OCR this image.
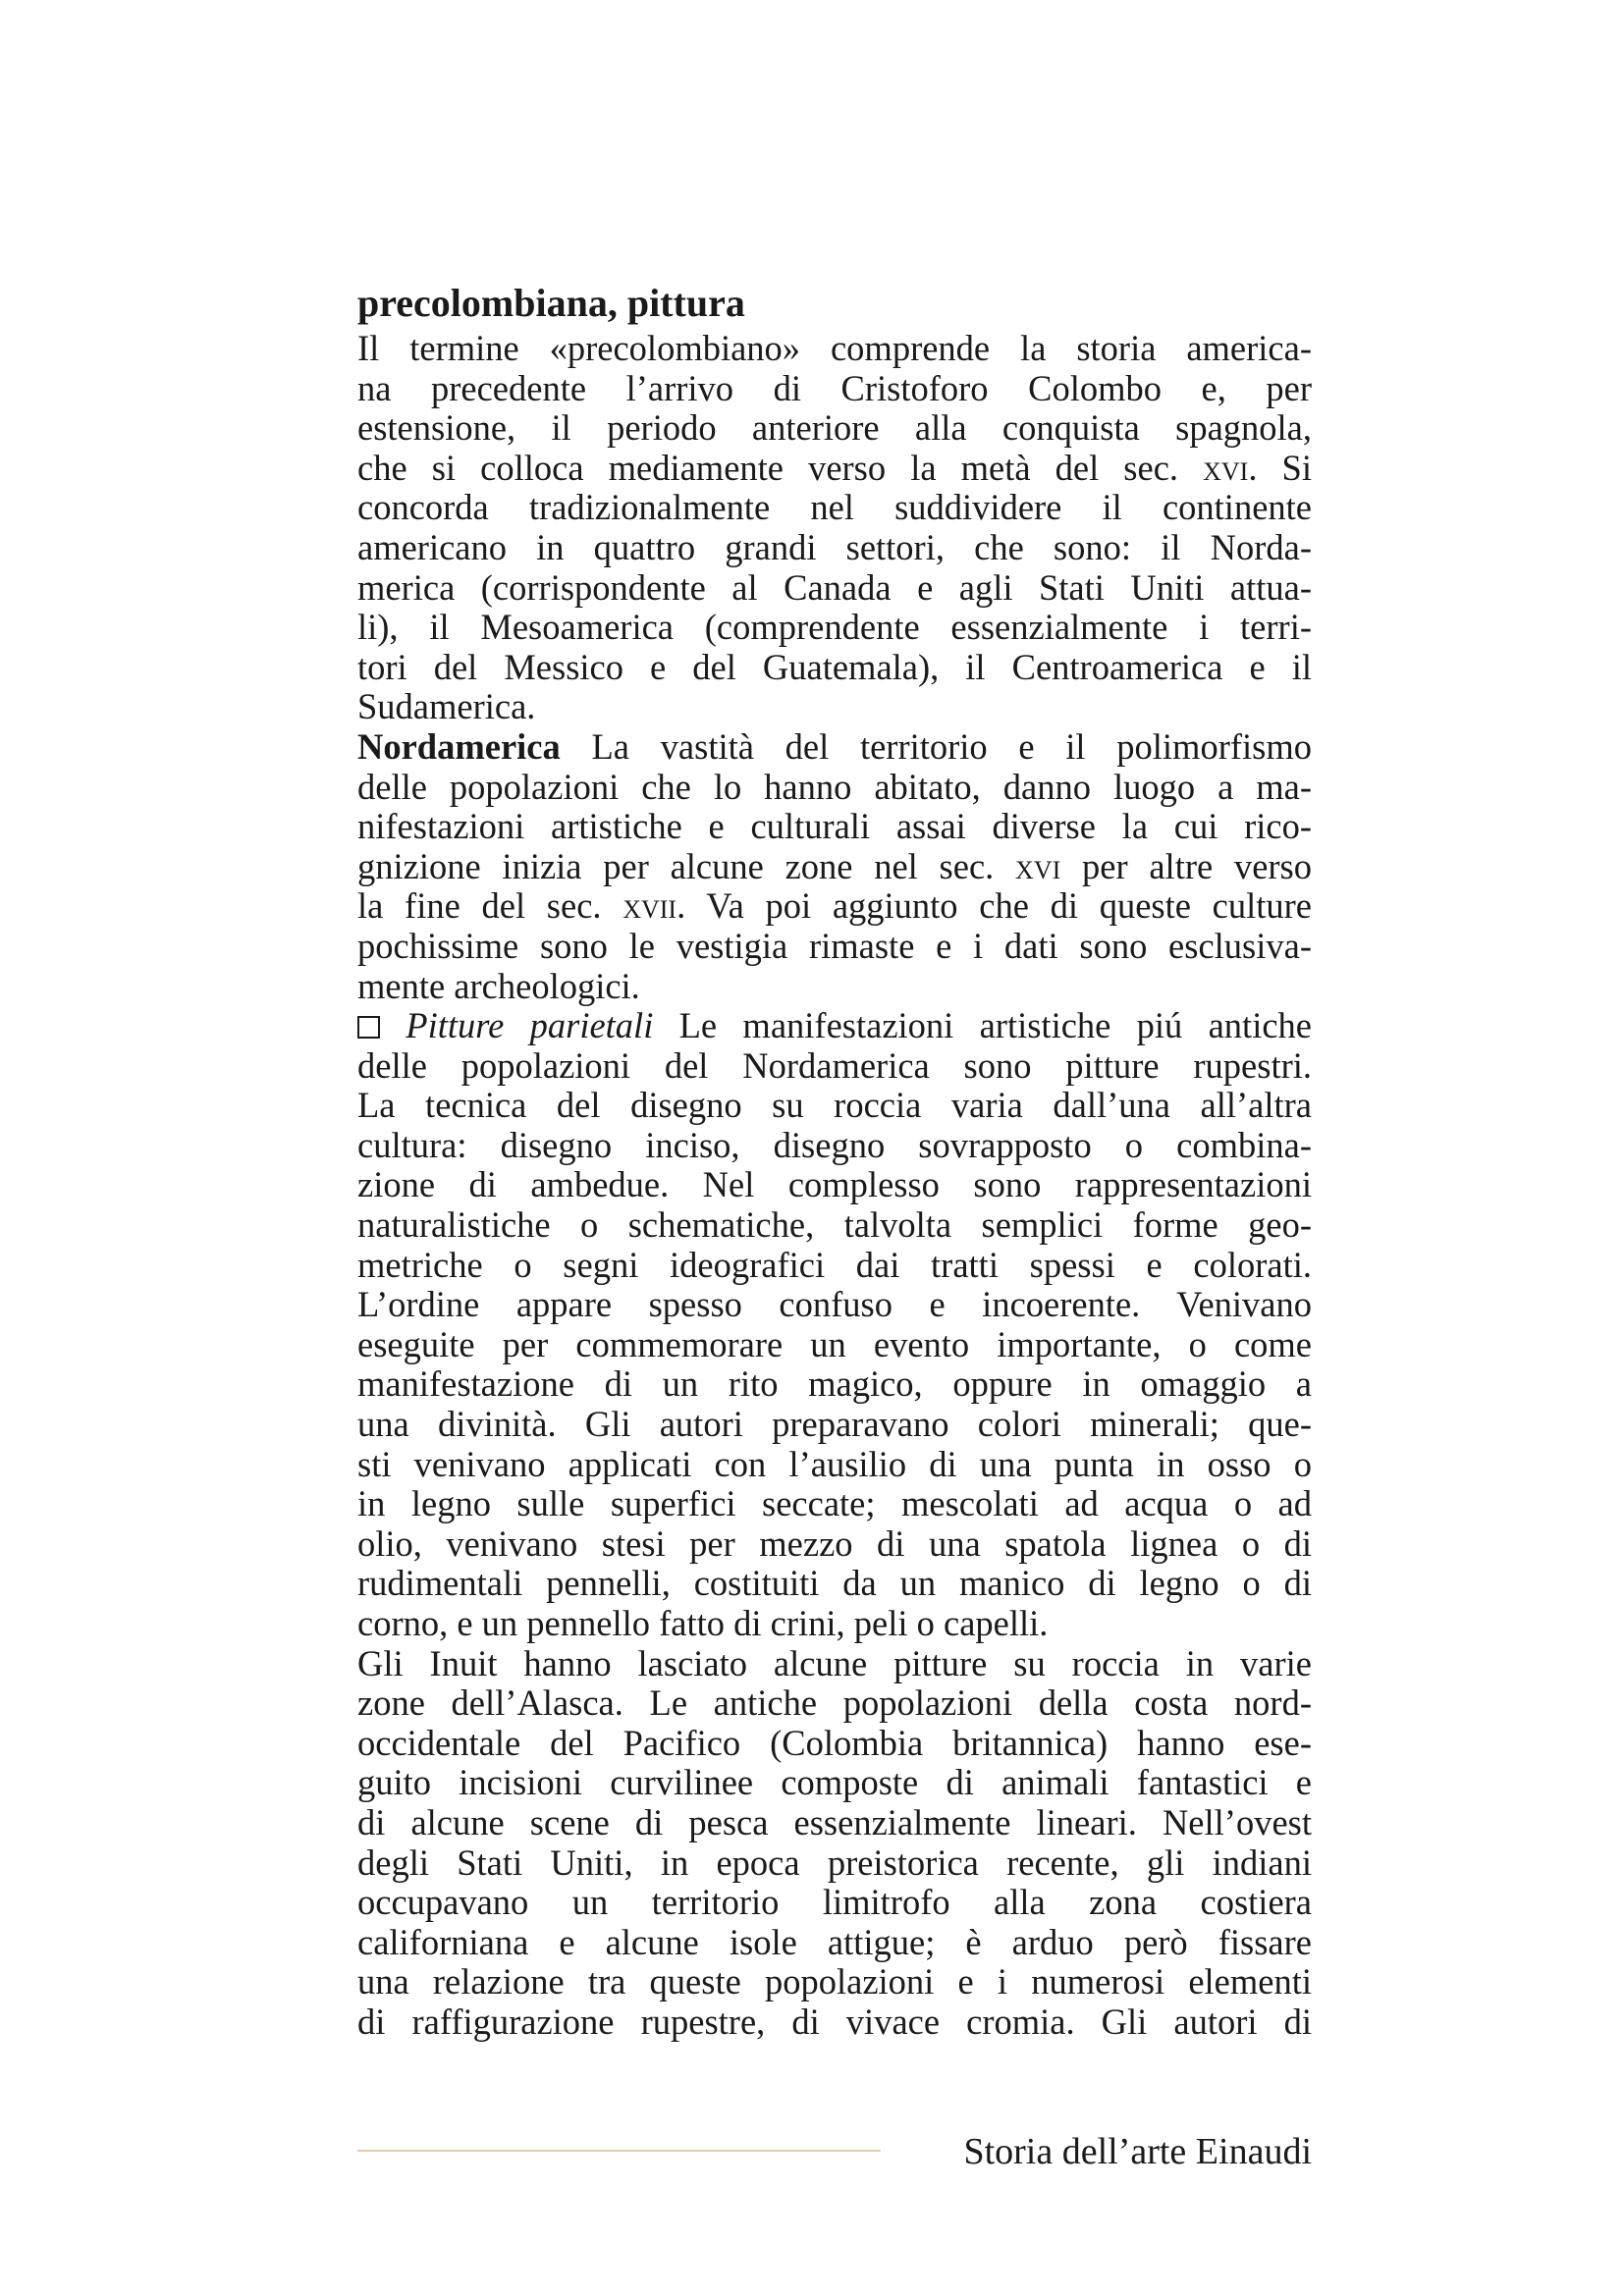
precolombiana, pittura
Il termine «precolombiano» comprende la storia america-
na precedente l’arrivo di Cristoforo Colombo e, per
estensione, il periodo anteriore alla conquista spagnola,
che si colloca mediamente verso la metà del sec. xvi. Si
concorda tradizionalmente nel suddividere il continente
americano in quattro grandi settori, che sono: il Norda-
merica (corrispondente al Canada e agli Stati Uniti attua-
li), il Mesoamerica (comprendente essenzialmente i terri-
tori del Messico e del Guatemala), il Centroamerica e il
Sudamerica.
Nordamerica La vastità del territorio e il polimorfismo
delle popolazioni che lo hanno abitato, danno luogo a ma-
nifestazioni artistiche e culturali assai diverse la cui rico-
gnizione inizia per alcune zone nel sec. xvi per altre verso
la fine del sec. xvii. Va poi aggiunto che di queste culture
pochissime sono le vestigia rimaste e i dati sono esclusiva-
mente archeologici.
Pitture parietali Le manifestazioni artistiche piú antiche
delle popolazioni del Nordamerica sono pitture rupestri.
La tecnica del disegno su roccia varia dall’una all’altra
cultura: disegno inciso, disegno sovrapposto o combina-
zione di ambedue. Nel complesso sono rappresentazioni
naturalistiche o schematiche, talvolta semplici forme geo-
metriche o segni ideografici dai tratti spessi e colorati.
L’ordine appare spesso confuso e incoerente. Venivano
eseguite per commemorare un evento importante, o come
manifestazione di un rito magico, oppure in omaggio a
una divinità. Gli autori preparavano colori minerali; que-
sti venivano applicati con l’ausilio di una punta in osso o
in legno sulle superfici seccate; mescolati ad acqua o ad
olio, venivano stesi per mezzo di una spatola lignea o di
rudimentali pennelli, costituiti da un manico di legno o di
corno, e un pennello fatto di crini, peli o capelli.
Gli Inuit hanno lasciato alcune pitture su roccia in varie
zone dell’Alasca. Le antiche popolazioni della costa nord-
occidentale del Pacifico (Colombia britannica) hanno ese-
guito incisioni curvilinee composte di animali fantastici e
di alcune scene di pesca essenzialmente lineari. Nell’ovest
degli Stati Uniti, in epoca preistorica recente, gli indiani
occupavano un territorio limitrofo alla zona costiera
californiana e alcune isole attigue; è arduo però fissare
una relazione tra queste popolazioni e i numerosi elementi
di raffigurazione rupestre, di vivace cromia. Gli autori di
Storia dell’arte Einaudi
